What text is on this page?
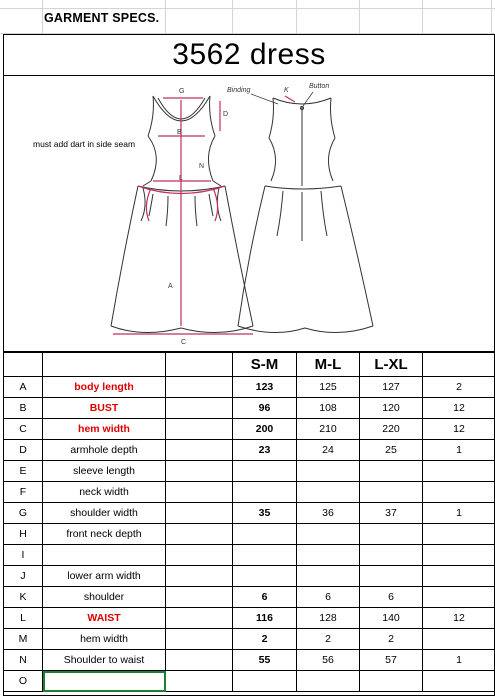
GARMENT SPECS.
3562 dress
G
D
B
N
L
A
C
Binding	K
Button
must add dart in side seam
			S-M	M-L	L-XL	
A	body length		123	125	127	2
B	BUST		96	108	120	12
C	hem width		200	210	220	12
D	armhole depth		23	24	25	1
E	sleeve length					
F	neck width					
G	shoulder width		35	36	37	1
H	front neck depth					
I						
J	lower arm width					
K	shoulder		6	6	6	
L	WAIST		116	128	140	12
M	hem width		2	2	2	
N	Shoulder to waist		55	56	57	1
O						
